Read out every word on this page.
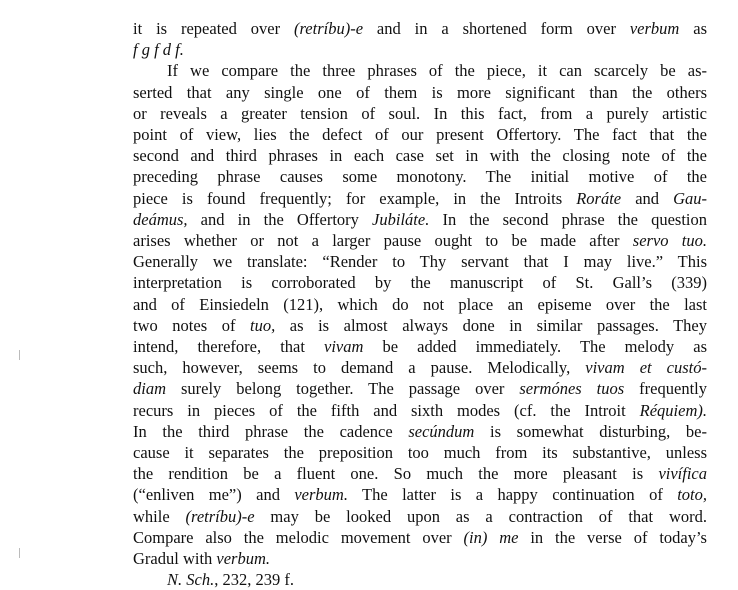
it is repeated over (retríbu)-e and in a shortened form over verbum as
f g f d f.
If we compare the three phrases of the piece, it can scarcely be as-
serted that any single one of them is more significant than the others
or reveals a greater tension of soul. In this fact, from a purely artistic
point of view, lies the defect of our present Offertory. The fact that the
second and third phrases in each case set in with the closing note of the
preceding phrase causes some monotony. The initial motive of the
piece is found frequently; for example, in the Introits Roráte and Gau-
deámus, and in the Offertory Jubiláte. In the second phrase the question
arises whether or not a larger pause ought to be made after servo tuo.
Generally we translate: “Render to Thy servant that I may live.” This
interpretation is corroborated by the manuscript of St. Gall’s (339)
and of Einsiedeln (121), which do not place an episeme over the last
two notes of tuo, as is almost always done in similar passages. They
intend, therefore, that vivam be added immediately. The melody as
such, however, seems to demand a pause. Melodically, vivam et custó-
diam surely belong together. The passage over sermónes tuos frequently
recurs in pieces of the fifth and sixth modes (cf. the Introit Réquiem).
In the third phrase the cadence secúndum is somewhat disturbing, be-
cause it separates the preposition too much from its substantive, unless
the rendition be a fluent one. So much the more pleasant is vivífica
(“enliven me”) and verbum. The latter is a happy continuation of toto,
while (retríbu)-e may be looked upon as a contraction of that word.
Compare also the melodic movement over (in) me in the verse of today’s
Gradul with verbum.
N. Sch., 232, 239 f.
